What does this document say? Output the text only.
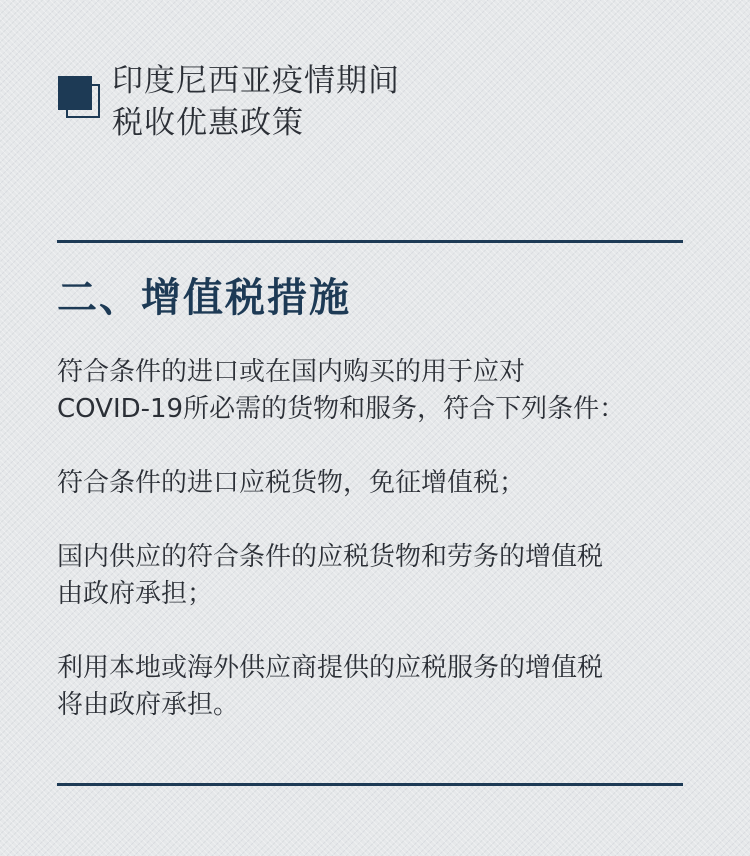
印度尼西亚疫情期间
税收优惠政策
二、增值税措施

符合条件的进口或在国内购买的用于应对
COVID-19所必需的货物和服务，符合下列条件：

符合条件的进口应税货物，免征增值税；

国内供应的符合条件的应税货物和劳务的增值税
由政府承担；

利用本地或海外供应商提供的应税服务的增值税
将由政府承担。
